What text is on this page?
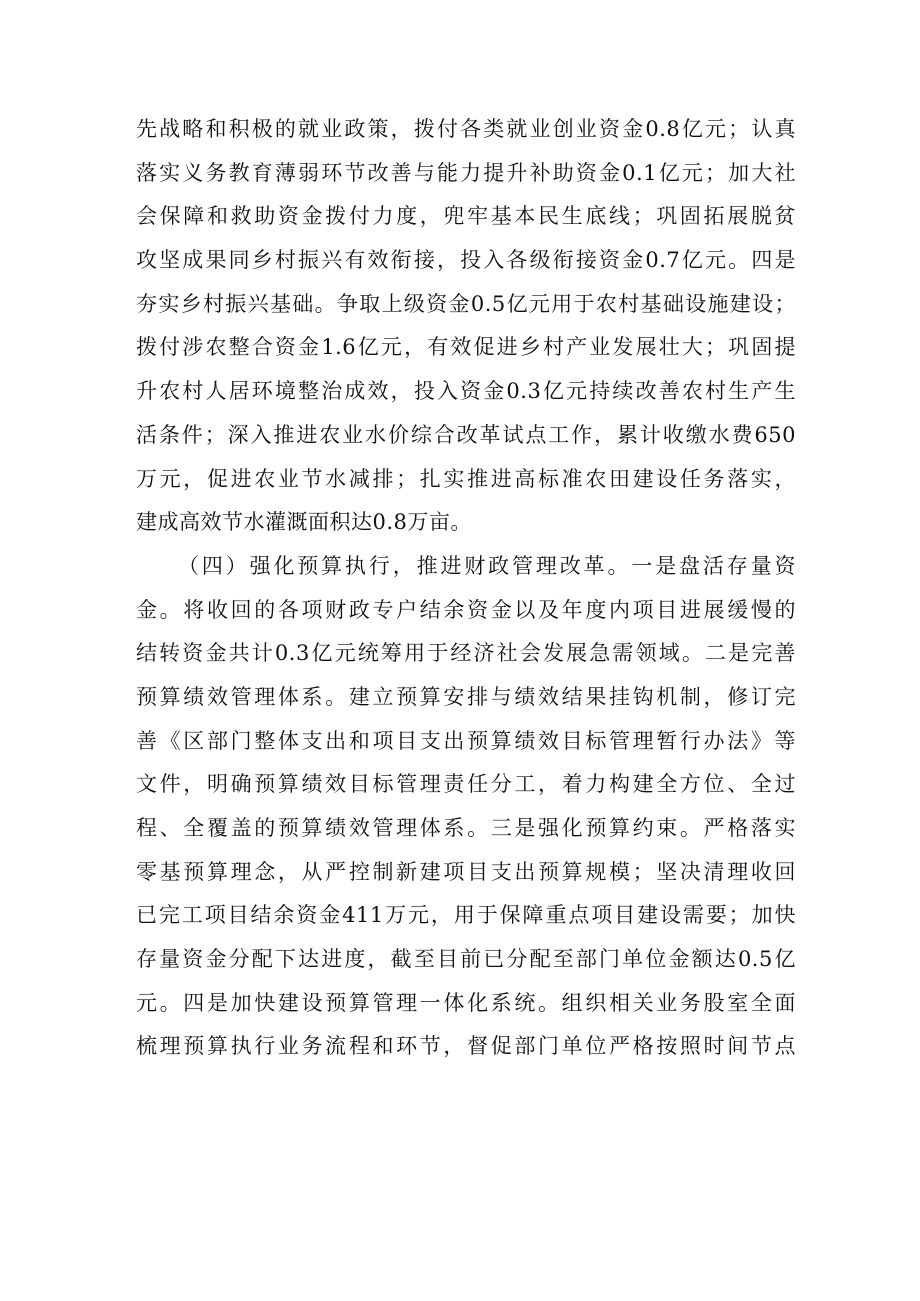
先战略和积极的就业政策，拨付各类就业创业资金0.8亿元；认真
落实义务教育薄弱环节改善与能力提升补助资金0.1亿元；加大社
会保障和救助资金拨付力度，兜牢基本民生底线；巩固拓展脱贫
攻坚成果同乡村振兴有效衔接，投入各级衔接资金0.7亿元。四是
夯实乡村振兴基础。争取上级资金0.5亿元用于农村基础设施建设；
拨付涉农整合资金1.6亿元，有效促进乡村产业发展壮大；巩固提
升农村人居环境整治成效，投入资金0.3亿元持续改善农村生产生
活条件；深入推进农业水价综合改革试点工作，累计收缴水费650
万元，促进农业节水减排；扎实推进高标准农田建设任务落实，
建成高效节水灌溉面积达0.8万亩。
（四）强化预算执行，推进财政管理改革。一是盘活存量资
金。将收回的各项财政专户结余资金以及年度内项目进展缓慢的
结转资金共计0.3亿元统筹用于经济社会发展急需领域。二是完善
预算绩效管理体系。建立预算安排与绩效结果挂钩机制，修订完
善《区部门整体支出和项目支出预算绩效目标管理暂行办法》等
文件，明确预算绩效目标管理责任分工，着力构建全方位、全过
程、全覆盖的预算绩效管理体系。三是强化预算约束。严格落实
零基预算理念，从严控制新建项目支出预算规模；坚决清理收回
已完工项目结余资金411万元，用于保障重点项目建设需要；加快
存量资金分配下达进度，截至目前已分配至部门单位金额达0.5亿
元。四是加快建设预算管理一体化系统。组织相关业务股室全面
梳理预算执行业务流程和环节，督促部门单位严格按照时间节点
